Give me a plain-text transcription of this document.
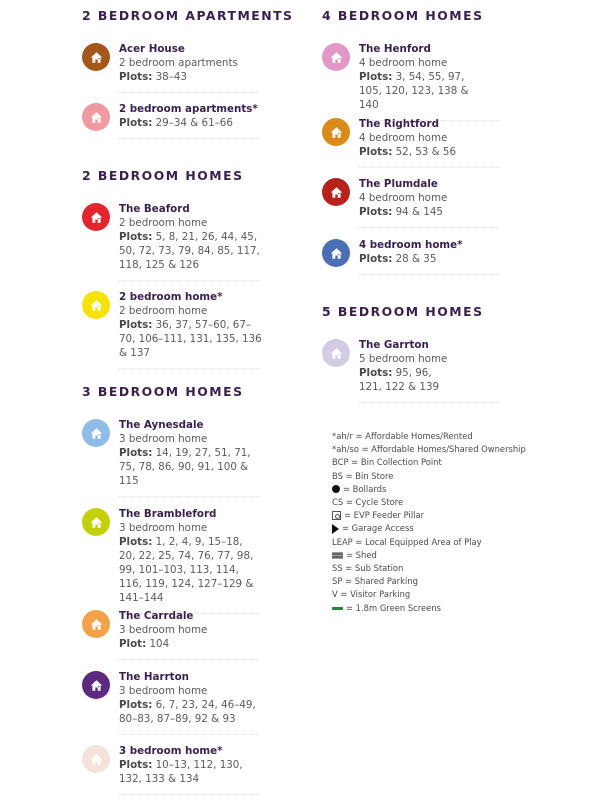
2 BEDROOM APARTMENTS
Acer House
2 bedroom apartments
Plots: 38–43
2 bedroom apartments*
Plots: 29–34 & 61–66
2 BEDROOM HOMES
The Beaford
2 bedroom home
Plots: 5, 8, 21, 26, 44, 45, 50, 72, 73, 79, 84, 85, 117, 118, 125 & 126
2 bedroom home*
2 bedroom home
Plots: 36, 37, 57–60, 67–70, 106–111, 131, 135, 136 & 137
3 BEDROOM HOMES
The Aynesdale
3 bedroom home
Plots: 14, 19, 27, 51, 71, 75, 78, 86, 90, 91, 100 & 115
The Brambleford
3 bedroom home
Plots: 1, 2, 4, 9, 15–18, 20, 22, 25, 74, 76, 77, 98, 99, 101–103, 113, 114, 116, 119, 124, 127–129 & 141–144
The Carrdale
3 bedroom home
Plot: 104
The Harrton
3 bedroom home
Plots: 6, 7, 23, 24, 46–49, 80–83, 87–89, 92 & 93
3 bedroom home*
Plots: 10–13, 112, 130, 132, 133 & 134
4 BEDROOM HOMES
The Henford
4 bedroom home
Plots: 3, 54, 55, 97, 105, 120, 123, 138 & 140
The Rightford
4 bedroom home
Plots: 52, 53 & 56
The Plumdale
4 bedroom home
Plots: 94 & 145
4 bedroom home*
Plots: 28 & 35
5 BEDROOM HOMES
The Garrton
5 bedroom home
Plots: 95, 96, 121, 122 & 139
*ah/r = Affordable Homes/Rented
*ah/so = Affordable Homes/Shared Ownership
BCP = Bin Collection Point
BS = Bin Store
= Bollards
CS = Cycle Store
= EVP Feeder Pillar
= Garage Access
LEAP = Local Equipped Area of Play
= Shed
SS = Sub Station
SP = Shared Parking
V = Visitor Parking
= 1.8m Green Screens
